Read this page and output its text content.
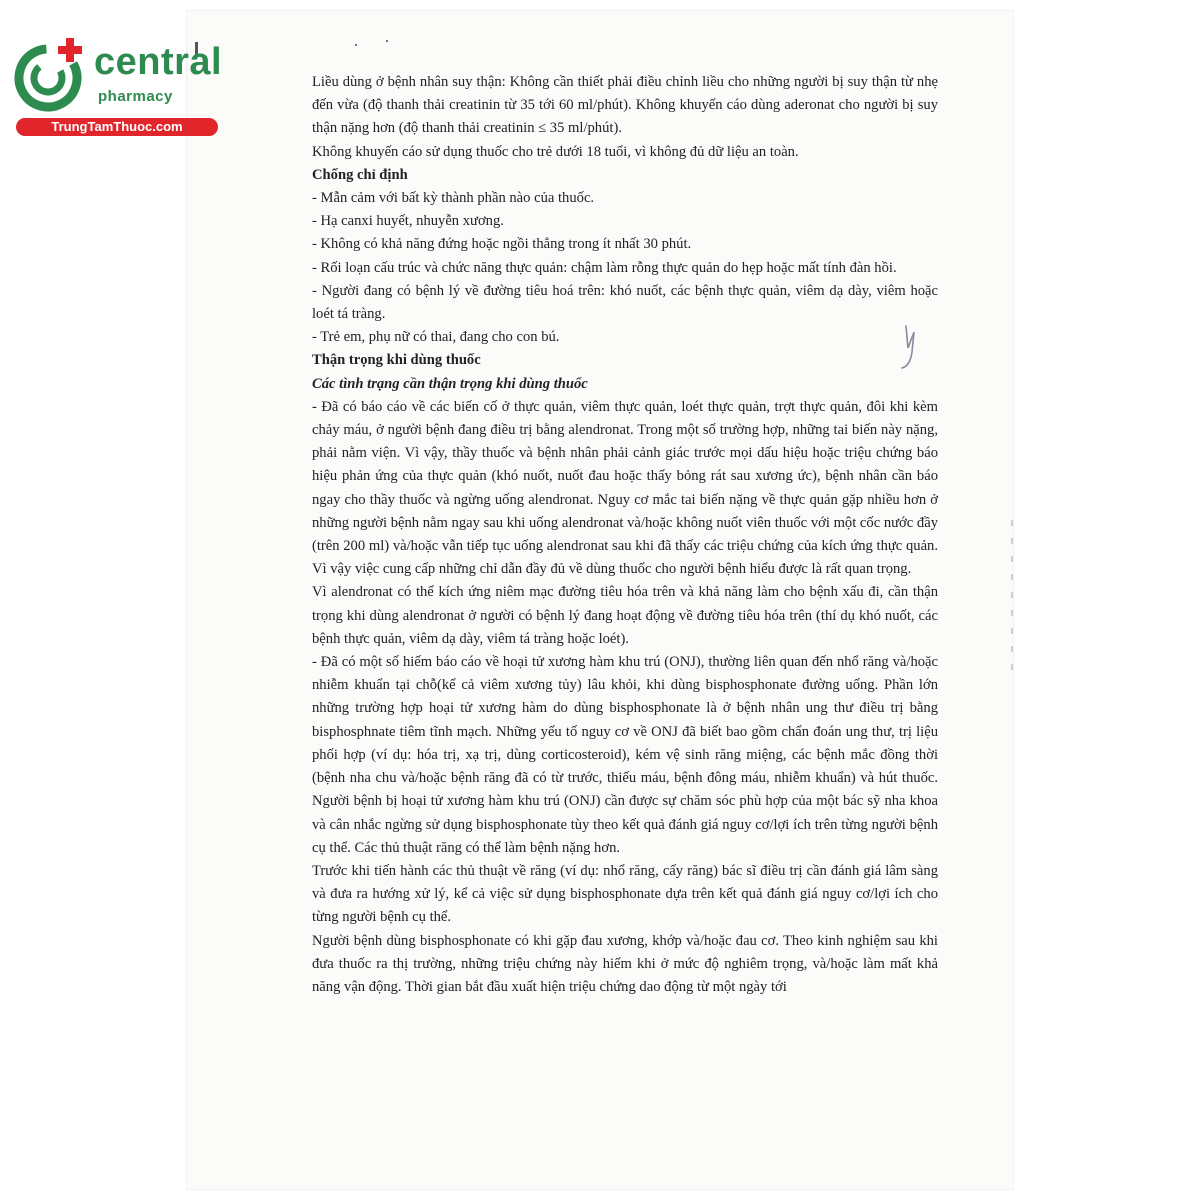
central
pharmacy
TrungTamThuoc.com

Liều dùng ở bệnh nhân suy thận: Không cần thiết phải điều chỉnh liều cho những người bị suy thận từ nhẹ đến vừa (độ thanh thải creatinin từ 35 tới 60 ml/phút). Không khuyến cáo dùng aderonat cho người bị suy thận nặng hơn (độ thanh thải creatinin ≤ 35 ml/phút).

Không khuyến cáo sử dụng thuốc cho trẻ dưới 18 tuổi, vì không đủ dữ liệu an toàn.

Chống chỉ định

- Mẫn cảm với bất kỳ thành phần nào của thuốc.

- Hạ canxi huyết, nhuyễn xương.

- Không có khả năng đứng hoặc ngồi thẳng trong ít nhất 30 phút.

- Rối loạn cấu trúc và chức năng thực quản: chậm làm rỗng thực quản do hẹp hoặc mất tính đàn hồi.

- Người đang có bệnh lý về đường tiêu hoá trên: khó nuốt, các bệnh thực quản, viêm dạ dày, viêm hoặc loét tá tràng.

- Trẻ em, phụ nữ có thai, đang cho con bú.

Thận trọng khi dùng thuốc

Các tình trạng cần thận trọng khi dùng thuốc

- Đã có báo cáo về các biến cố ở thực quản, viêm thực quản, loét thực quản, trợt thực quản, đôi khi kèm chảy máu, ở người bệnh đang điều trị bằng alendronat. Trong một số trường hợp, những tai biến này nặng, phải nằm viện. Vì vậy, thầy thuốc và bệnh nhân phải cảnh giác trước mọi dấu hiệu hoặc triệu chứng báo hiệu phản ứng của thực quản (khó nuốt, nuốt đau hoặc thấy bỏng rát sau xương ức), bệnh nhân cần báo ngay cho thầy thuốc và ngừng uống alendronat. Nguy cơ mắc tai biến nặng về thực quản gặp nhiều hơn ở những người bệnh nằm ngay sau khi uống alendronat và/hoặc không nuốt viên thuốc với một cốc nước đầy (trên 200 ml) và/hoặc vẫn tiếp tục uống alendronat sau khi đã thấy các triệu chứng của kích ứng thực quản. Vì vậy việc cung cấp những chỉ dẫn đầy đủ về dùng thuốc cho người bệnh hiểu được là rất quan trọng.

Vì alendronat có thể kích ứng niêm mạc đường tiêu hóa trên và khả năng làm cho bệnh xấu đi, cần thận trọng khi dùng alendronat ở người có bệnh lý đang hoạt động về đường tiêu hóa trên (thí dụ khó nuốt, các bệnh thực quản, viêm dạ dày, viêm tá tràng hoặc loét).

- Đã có một số hiếm báo cáo về hoại tử xương hàm khu trú (ONJ), thường liên quan đến nhổ răng và/hoặc nhiễm khuẩn tại chỗ(kể cả viêm xương tủy) lâu khỏi, khi dùng bisphosphonate đường uống. Phần lớn những trường hợp hoại tử xương hàm do dùng bisphosphonate là ở bệnh nhân ung thư điều trị bằng bisphosphnate tiêm tĩnh mạch. Những yếu tố nguy cơ về ONJ đã biết bao gồm chẩn đoán ung thư, trị liệu phối hợp (ví dụ: hóa trị, xạ trị, dùng corticosteroid), kém vệ sinh răng miệng, các bệnh mắc đồng thời (bệnh nha chu và/hoặc bệnh răng đã có từ trước, thiếu máu, bệnh đông máu, nhiễm khuẩn) và hút thuốc. Người bệnh bị hoại tử xương hàm khu trú (ONJ) cần được sự chăm sóc phù hợp của một bác sỹ nha khoa và cân nhắc ngừng sử dụng bisphosphonate tùy theo kết quả đánh giá nguy cơ/lợi ích trên từng người bệnh cụ thể. Các thủ thuật răng có thể làm bệnh nặng hơn.

Trước khi tiến hành các thủ thuật về răng (ví dụ: nhổ răng, cấy răng) bác sĩ điều trị cần đánh giá lâm sàng và đưa ra hướng xử lý, kể cả việc sử dụng bisphosphonate dựa trên kết quả đánh giá nguy cơ/lợi ích cho từng người bệnh cụ thể.

Người bệnh dùng bisphosphonate có khi gặp đau xương, khớp và/hoặc đau cơ. Theo kinh nghiệm sau khi đưa thuốc ra thị trường, những triệu chứng này hiếm khi ở mức độ nghiêm trọng, và/hoặc làm mất khả năng vận động. Thời gian bắt đầu xuất hiện triệu chứng dao động từ một ngày tới
